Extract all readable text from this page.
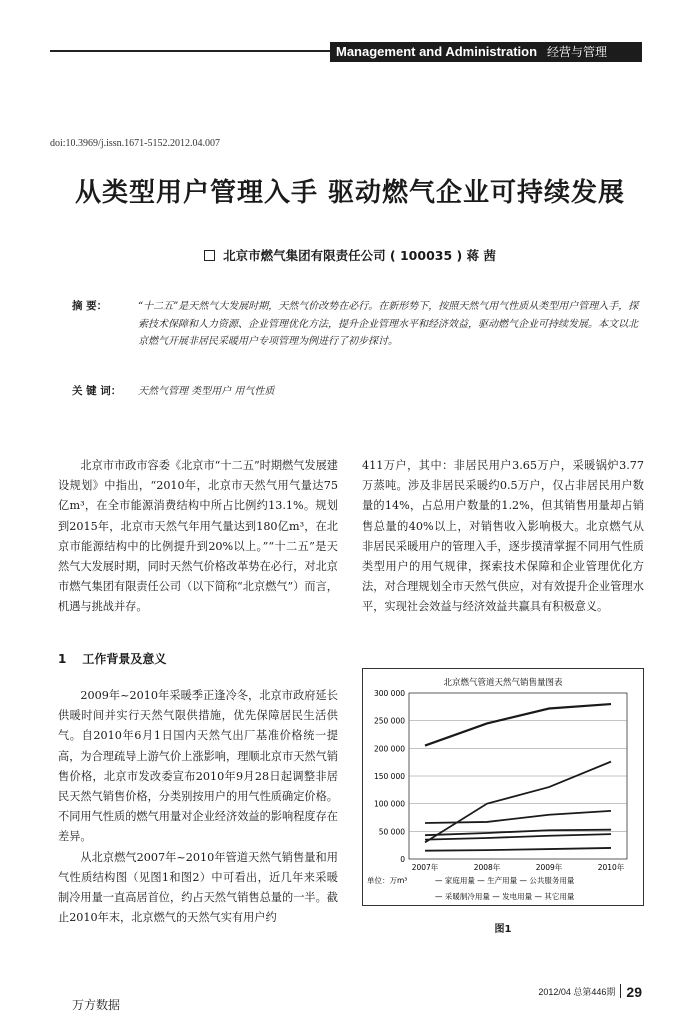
Management and Administration 经营与管理
doi:10.3969/j.issn.1671-5152.2012.04.007
从类型用户管理入手 驱动燃气企业可持续发展
北京市燃气集团有限责任公司 ( 100035 ) 蒋 茜
摘 要：	“十二五”是天然气大发展时期，天然气价改势在必行。在新形势下，按照天然气用气性质从类型用户管理入手，探索技术保障和人力资源、企业管理优化方法，提升企业管理水平和经济效益，驱动燃气企业可持续发展。本文以北京燃气开展非居民采暖用户专项管理为例进行了初步探讨。
关 键 词： 天然气管理 类型用户 用气性质

北京市市政市容委《北京市“十二五”时期燃气发展建设规划》中指出，“2010年，北京市天然气用气量达75亿m³，在全市能源消费结构中所占比例约13.1%。规划到2015年，北京市天然气年用气量达到180亿m³，在北京市能源结构中的比例提升到20%以上。”“十二五”是天然气大发展时期，同时天然气价格改革势在必行，对北京市燃气集团有限责任公司（以下简称“北京燃气”）而言，机遇与挑战并存。

1 工作背景及意义

2009年~2010年采暖季正逢冷冬，北京市政府延长供暖时间并实行天然气限供措施，优先保障居民生活供气。自2010年6月1日国内天然气出厂基准价格统一提高，为合理疏导上游气价上涨影响，理顺北京市天然气销售价格，北京市发改委宣布2010年9月28日起调整非居民天然气销售价格，分类别按用户的用气性质确定价格。不同用气性质的燃气用量对企业经济效益的影响程度存在差异。

从北京燃气2007年~2010年管道天然气销售量和用气性质结构图（见图1和图2）中可看出，近几年来采暖制冷用量一直高居首位，约占天然气销售总量的一半。截止2010年末，北京燃气的天然气实有用户约

411万户，其中：非居民用户3.65万户，采暖锅炉3.77万蒸吨。涉及非居民采暖约0.5万户，仅占非居民用户数量的14%，占总用户数量的1.2%，但其销售用量却占销售总量的40%以上，对销售收入影响极大。北京燃气从非居民采暖用户的管理入手，逐步摸清掌握不同用气性质类型用户的用气规律，探索技术保障和企业管理优化方法，对合理规划全市天然气供应，对有效提升企业管理水平，实现社会效益与经济效益共赢具有积极意义。

北京燃气管道天然气销售量图表
0
50 000
100 000
150 000
200 000
250 000
300 000
2007年	2008年	2009年	2010年
单位：万m³	— 家庭用量 — 生产用量 — 公共服务用量
— 采暖制冷用量 — 发电用量 — 其它用量
图1
2012/04 总第446期 29
万方数据
